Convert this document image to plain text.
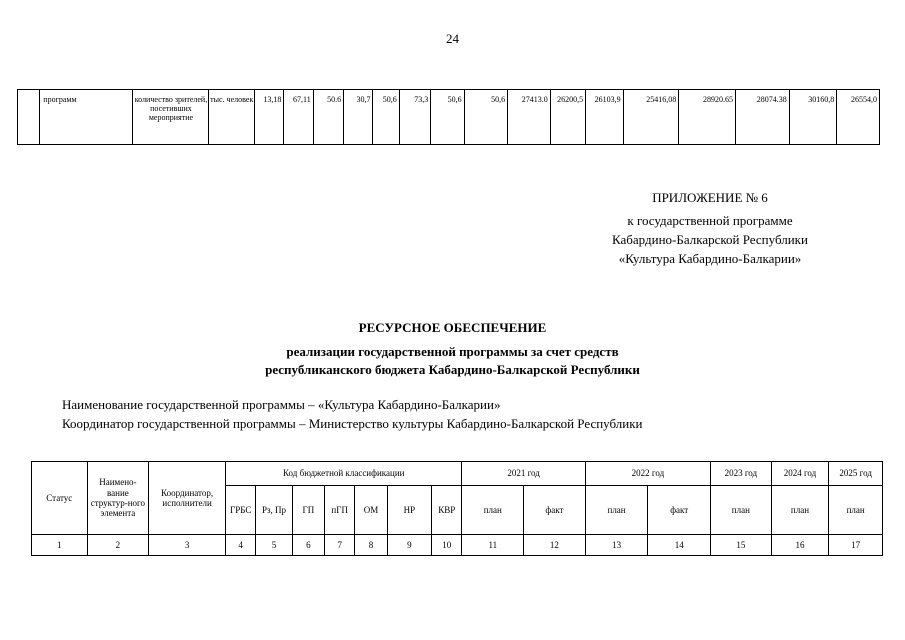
24
	программ	количество зрителей, посетивших мероприятие	тыс. человек	13,18	67,11	50.6	30,7	50,6	73,3	50,6	50,6	27413.0	26200,5	26103,9	25416,08	28920.65	28074.38	30160,8	26554,0
ПРИЛОЖЕНИЕ № 6
к государственной программе
Кабардино-Балкарской Республики
«Культура Кабардино-Балкарии»
РЕСУРСНОЕ ОБЕСПЕЧЕНИЕ
реализации государственной программы за счет средств
республиканского бюджета Кабардино-Балкарской Республики
Наименование государственной программы – «Культура Кабардино-Балкарии»
Координатор государственной программы – Министерство культуры Кабардино-Балкарской Республики
Статус	Наимено-вание структур-ного элемента	Координатор, исполнители	Код бюджетной классификации							2021 год		2022 год		2023 год	2024 год	2025 год
			ГРБС	Рз, Пр	ГП	пГП	ОМ	НР	КВР	план	факт	план	факт	план	план	план
1	2	3	4	5	6	7	8	9	10	11	12	13	14	15	16	17
